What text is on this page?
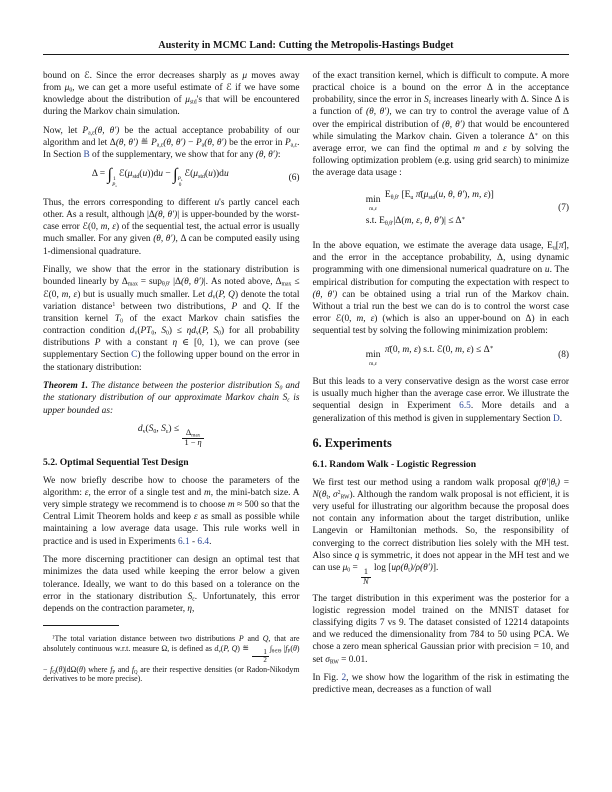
Austerity in MCMC Land: Cutting the Metropolis-Hastings Budget

bound on ℰ. Since the error decreases sharply as μ moves away from μ0, we can get a more useful estimate of ℰ if we have some knowledge about the distribution of μstd's that will be encountered during the Markov chain simulation.

Now, let Pa,ε(θ, θ′) be the actual acceptance probability of our algorithm and let Δ(θ, θ′) ≝ Pa,ε(θ, θ′) − Pa(θ, θ′) be the error in Pa,ε. In Section B of the supplementary, we show that for any (θ, θ′):

Δ = ∫ 1
Pa
ℰ(μstd(u))du − ∫ Pa
0
ℰ(μstd(u))du	(6)

Thus, the errors corresponding to different u's partly cancel each other. As a result, although |Δ(θ, θ′)| is upper-bounded by the worst-case error ℰ(0, m, ε) of the sequential test, the actual error is usually much smaller. For any given (θ, θ′), Δ can be computed easily using 1-dimensional quadrature.

Finally, we show that the error in the stationary distribution is bounded linearly by Δmax = supθ,θ′ |Δ(θ, θ′)|. As noted above, Δmax ≤ ℰ(0, m, ε) but is usually much smaller. Let dv(P, Q) denote the total variation distance$^1$ between two distributions, P and Q. If the transition kernel T0 of the exact Markov chain satisfies the contraction condition dv(PT0, S0) ≤ ηdv(P, S0) for all probability distributions P with a constant η ∈ [0, 1), we can prove (see supplementary Section C) the following upper bound on the error in the stationary distribution:

Theorem 1. The distance between the posterior distribution S0 and the stationary distribution of our approximate Markov chain Sε is upper bounded as:

dv(S0, Sε) ≤
$\frac{\Delta\max}{1 - \eta}$
5.2. Optimal Sequential Test Design

We now briefly describe how to choose the parameters of the algorithm: ε, the error of a single test and m, the mini-batch size. A very simple strategy we recommend is to choose m ≈ 500 so that the Central Limit Theorem holds and keep ε as small as possible while maintaining a low average data usage. This rule works well in practice and is used in Experiments 6.1 - 6.4.

The more discerning practitioner can design an optimal test that minimizes the data used while keeping the error below a given tolerance. Ideally, we want to do this based on a tolerance on the error in the stationary distribution Sε. Unfortunately, this error depends on the contraction parameter, η,

$^1$The total variation distance between two distributions P and Q, that are absolutely continuous w.r.t. measure Ω, is defined as dv(P, Q) ≝
$\frac{1}{2}$
∫θ∈Θ |fP(θ) − fQ(θ)|dΩ(θ) where fP and fQ are their respective densities (or Radon-Nikodym derivatives to be more precise).

of the exact transition kernel, which is difficult to compute. A more practical choice is a bound on the error Δ in the acceptance probability, since the error in Sε increases linearly with Δ. Since Δ is a function of (θ, θ′), we can try to control the average value of Δ over the empirical distribution of (θ, θ′) that would be encountered while simulating the Markov chain. Given a tolerance Δ∗ on this average error, we can find the optimal m and ε by solving the following optimization problem (e.g. using grid search) to minimize the average data usage :

min
m,ε
Eθ,θ′ [Eu π̄(μstd(u, θ, θ′), m, ε)]
s.t. Eθ,θ′|Δ(m, ε, θ, θ′)| ≤ Δ∗
(7)

In the above equation, we estimate the average data usage, Eu[π̄], and the error in the acceptance probability, Δ, using dynamic programming with one dimensional numerical quadrature on u. The empirical distribution for computing the expectation with respect to (θ, θ′) can be obtained using a trial run of the Markov chain. Without a trial run the best we can do is to control the worst case error ℰ(0, m, ε) (which is also an upper-bound on Δ) in each sequential test by solving the following minimization problem:

min
m,ε
π̄(0, m, ε) s.t. ℰ(0, m, ε) ≤ Δ∗
(8)

But this leads to a very conservative design as the worst case error is usually much higher than the average case error. We illustrate the sequential design in Experiment 6.5. More details and a generalization of this method is given in supplementary Section D.

6. Experiments
6.1. Random Walk - Logistic Regression

We first test our method using a random walk proposal q(θ′|θt) = N(θt, $\sigma^2RW$). Although the random walk proposal is not efficient, it is very useful for illustrating our algorithm because the proposal does not contain any information about the target distribution, unlike Langevin or Hamiltonian methods. So, the responsibility of converging to the correct distribution lies solely with the MH test. Also since q is symmetric, it does not appear in the MH test and we can use μ0 =
$\frac{1}{N}$
log [uρ(θt)/ρ(θ′)].

The target distribution in this experiment was the posterior for a logistic regression model trained on the MNIST dataset for classifying digits 7 vs 9. The dataset consisted of 12214 datapoints and we reduced the dimensionality from 784 to 50 using PCA. We chose a zero mean spherical Gaussian prior with precision = 10, and set σRW = 0.01.

In Fig. 2, we show how the logarithm of the risk in estimating the predictive mean, decreases as a function of wall
